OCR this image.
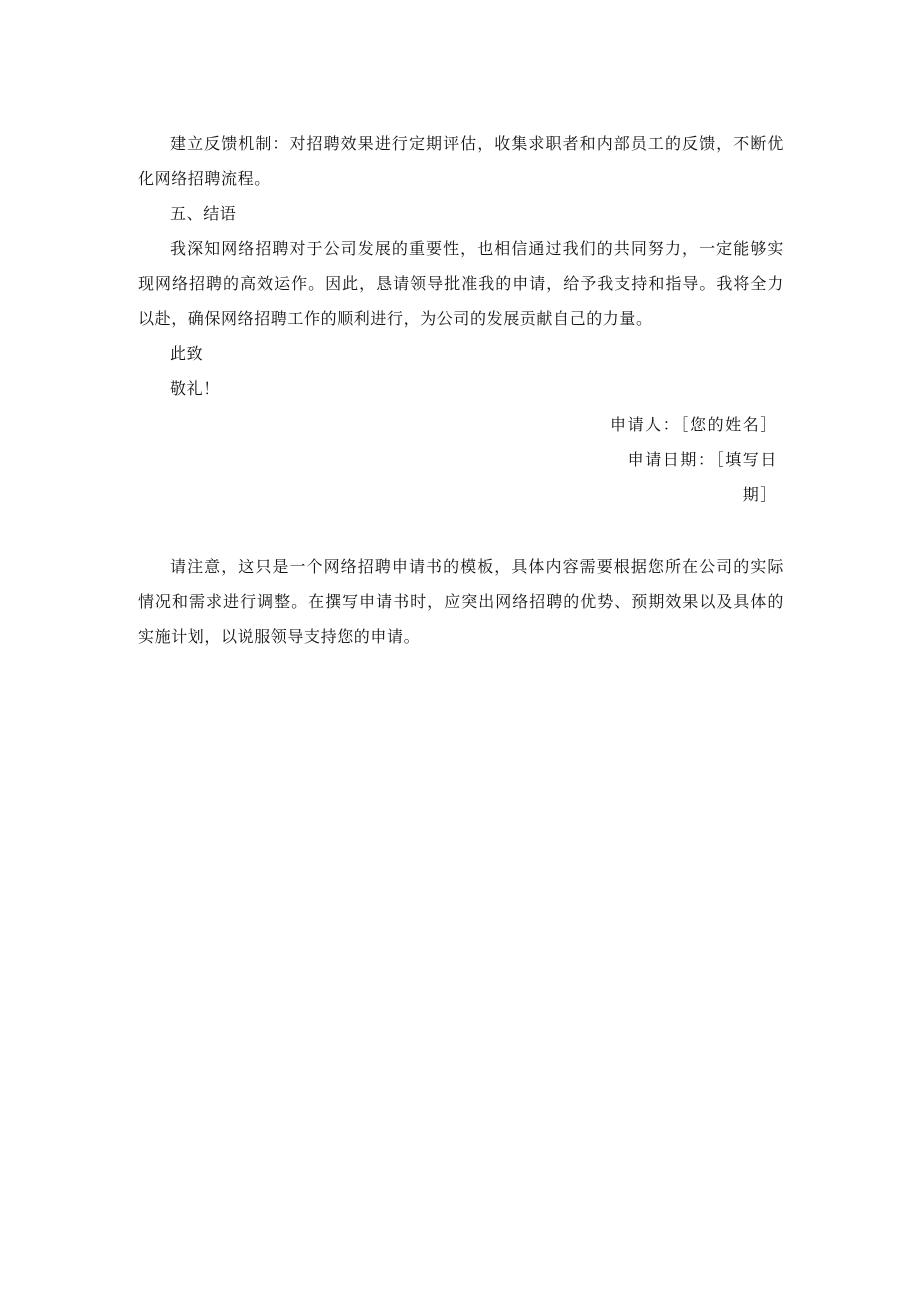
建立反馈机制：对招聘效果进行定期评估，收集求职者和内部员工的反馈，不断优化网络招聘流程。

五、结语

我深知网络招聘对于公司发展的重要性，也相信通过我们的共同努力，一定能够实现网络招聘的高效运作。因此，恳请领导批准我的申请，给予我支持和指导。我将全力以赴，确保网络招聘工作的顺利进行，为公司的发展贡献自己的力量。

此致

敬礼！

申请人：［您的姓名］

申请日期：［填写日期］

请注意，这只是一个网络招聘申请书的模板，具体内容需要根据您所在公司的实际情况和需求进行调整。在撰写申请书时，应突出网络招聘的优势、预期效果以及具体的实施计划，以说服领导支持您的申请。
